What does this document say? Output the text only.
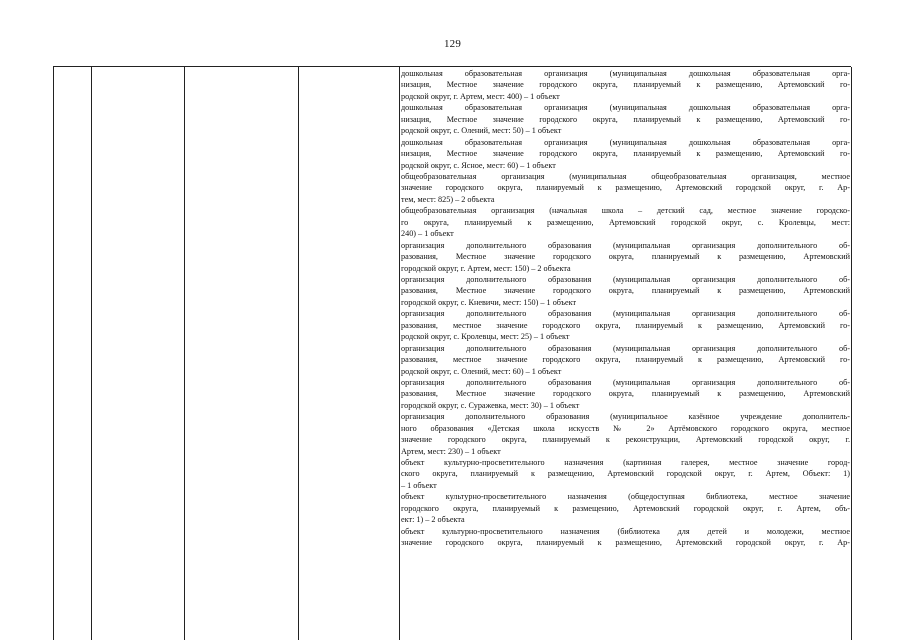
129
дошкольная образовательная организация (муниципальная дошкольная образовательная орга-
низация, Местное значение городского округа, планируемый к размещению, Артемовский го-
родской округ, г. Артем, мест: 400) – 1 объект
дошкольная образовательная организация (муниципальная дошкольная образовательная орга-
низация, Местное значение городского округа, планируемый к размещению, Артемовский го-
родской округ, с. Олений, мест: 50) – 1 объект
дошкольная образовательная организация (муниципальная дошкольная образовательная орга-
низация, Местное значение городского округа, планируемый к размещению, Артемовский го-
родской округ, с. Ясное, мест: 60) – 1 объект
общеобразовательная организация (муниципальная общеобразовательная организация, местное
значение городского округа, планируемый к размещению, Артемовский городской округ, г. Ар-
тем, мест: 825) – 2 объекта
общеобразовательная организация (начальная школа – детский сад, местное значение городско-
го округа, планируемый к размещению, Артемовский городской округ, с. Кролевцы, мест:
240) – 1 объект
организация дополнительного образования (муниципальная организация дополнительного об-
разования, Местное значение городского округа, планируемый к размещению, Артемовский
городской округ, г. Артем, мест: 150) – 2 объекта
организация дополнительного образования (муниципальная организация дополнительного об-
разования, Местное значение городского округа, планируемый к размещению, Артемовский
городской округ, с. Кневичи, мест: 150) – 1 объект
организация дополнительного образования (муниципальная организация дополнительного об-
разования, местное значение городского округа, планируемый к размещению, Артемовский го-
родской округ, с. Кролевцы, мест: 25) – 1 объект
организация дополнительного образования (муниципальная организация дополнительного об-
разования, местное значение городского округа, планируемый к размещению, Артемовский го-
родской округ, с. Олений, мест: 60) – 1 объект
организация дополнительного образования (муниципальная организация дополнительного об-
разования, Местное значение городского округа, планируемый к размещению, Артемовский
городской округ, с. Суражевка, мест: 30) – 1 объект
организация дополнительного образования (муниципальное казённое учреждение дополнитель-
ного образования «Детская школа искусств № 2» Артёмовского городского округа, местное
значение городского округа, планируемый к реконструкции, Артемовский городской округ, г.
Артем, мест: 230) – 1 объект
объект культурно-просветительного назначения (картинная галерея, местное значение город-
ского округа, планируемый к размещению, Артемовский городской округ, г. Артем, Объект: 1)
– 1 объект
объект культурно-просветительного назначения (общедоступная библиотека, местное значение
городского округа, планируемый к размещению, Артемовский городской округ, г. Артем, объ-
ект: 1) – 2 объекта
объект культурно-просветительного назначения (библиотека для детей и молодежи, местное
значение городского округа, планируемый к размещению, Артемовский городской округ, г. Ар-
